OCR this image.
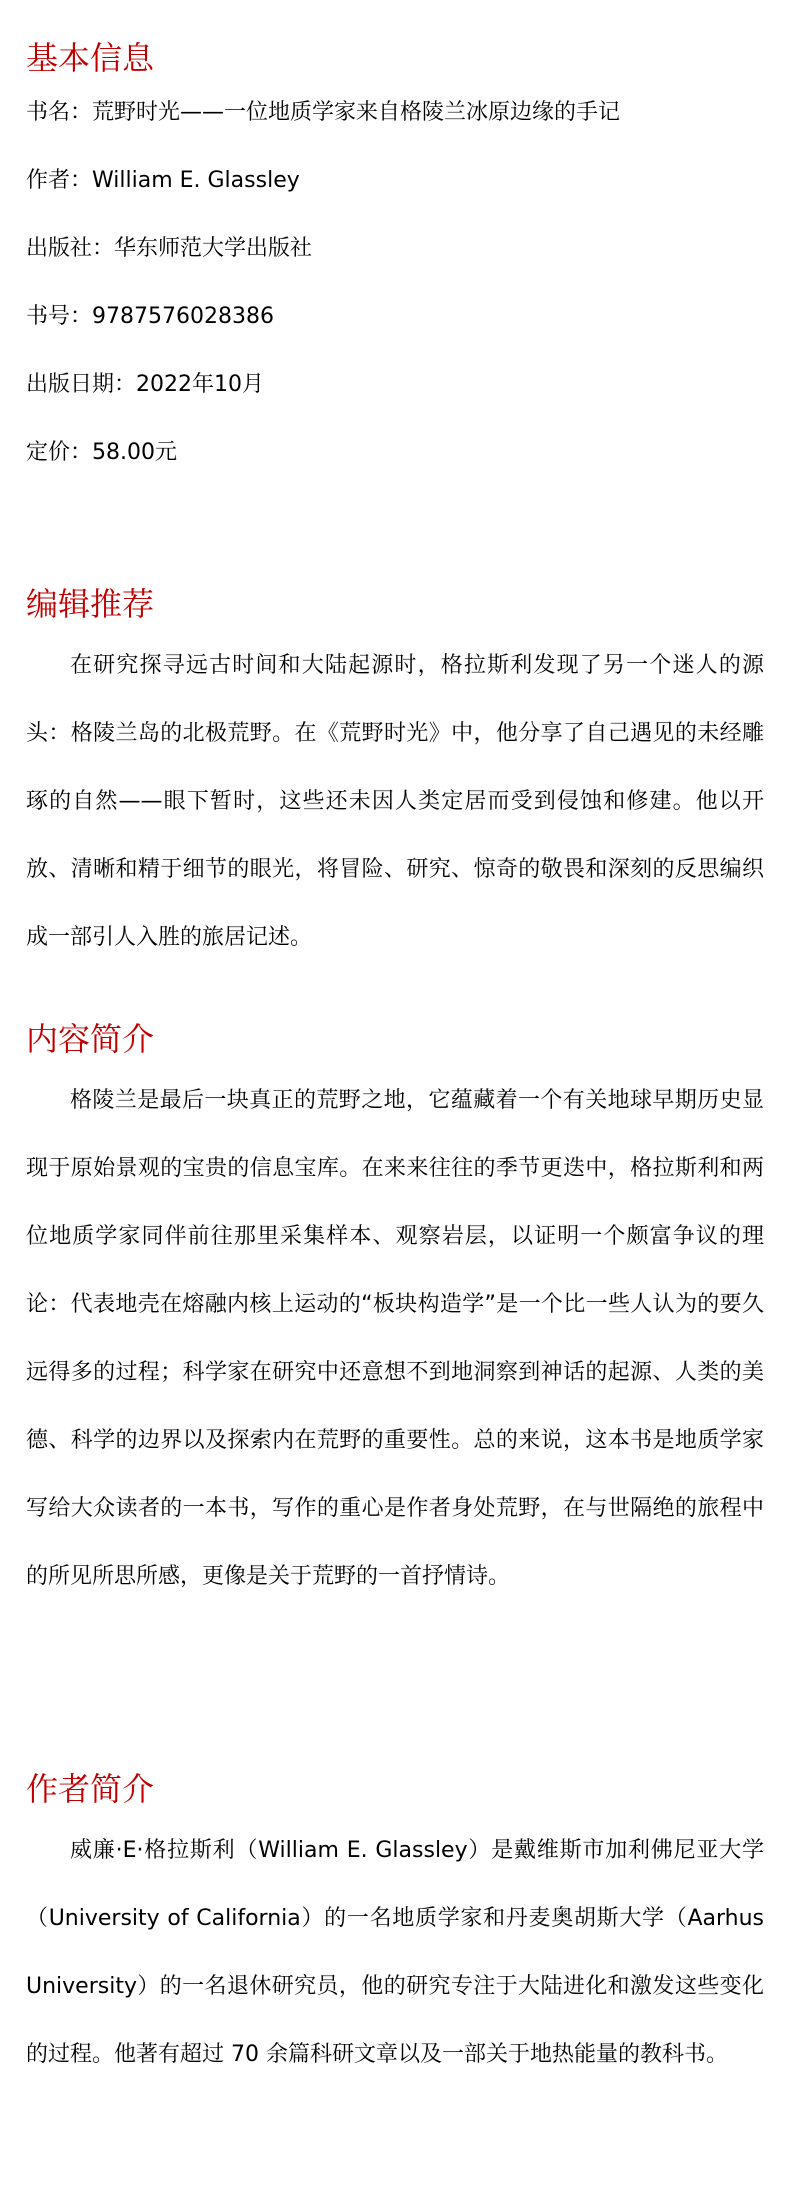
基本信息
书名：荒野时光——一位地质学家来自格陵兰冰原边缘的手记
作者：William E. Glassley
出版社：华东师范大学出版社
书号：9787576028386
出版日期：2022年10月
定价：58.00元
编辑推荐

在研究探寻远古时间和大陆起源时，格拉斯利发现了另一个迷人的源头：格陵兰岛的北极荒野。在《荒野时光》中，他分享了自己遇见的未经雕琢的自然——眼下暂时，这些还未因人类定居而受到侵蚀和修建。他以开放、清晰和精于细节的眼光，将冒险、研究、惊奇的敬畏和深刻的反思编织成一部引人入胜的旅居记述。

内容简介

格陵兰是最后一块真正的荒野之地，它蕴藏着一个有关地球早期历史显现于原始景观的宝贵的信息宝库。在来来往往的季节更迭中，格拉斯利和两位地质学家同伴前往那里采集样本、观察岩层，以证明一个颇富争议的理论：代表地壳在熔融内核上运动的“板块构造学”是一个比一些人认为的要久远得多的过程；科学家在研究中还意想不到地洞察到神话的起源、人类的美德、科学的边界以及探索内在荒野的重要性。总的来说，这本书是地质学家写给大众读者的一本书，写作的重心是作者身处荒野，在与世隔绝的旅程中的所见所思所感，更像是关于荒野的一首抒情诗。

作者简介

威廉·E·格拉斯利（William E. Glassley）是戴维斯市加利佛尼亚大学（University of California）的一名地质学家和丹麦奥胡斯大学（Aarhus University）的一名退休研究员，他的研究专注于大陆进化和激发这些变化的过程。他著有超过 70 余篇科研文章以及一部关于地热能量的教科书。
